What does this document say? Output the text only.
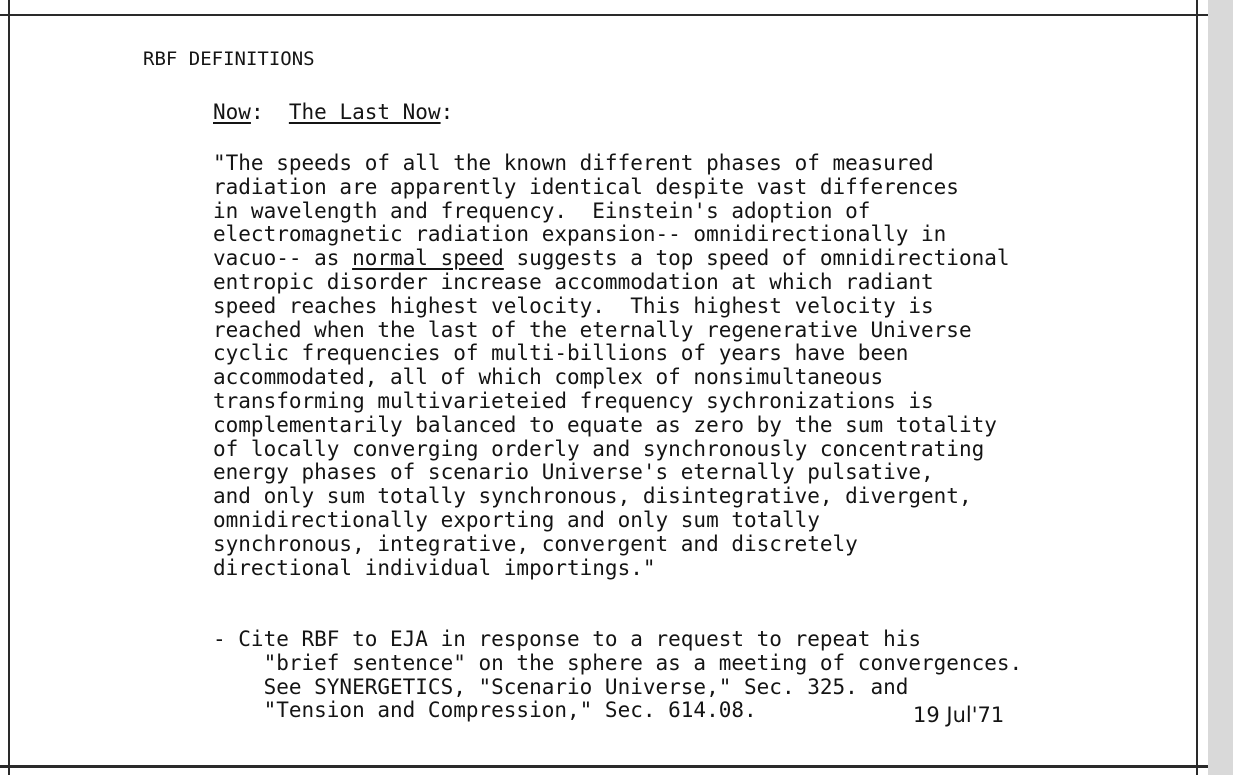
RBF DEFINITIONS
Now:  The Last Now:
"The speeds of all the known different phases of measured
radiation are apparently identical despite vast differences
in wavelength and frequency.  Einstein's adoption of
electromagnetic radiation expansion-- omnidirectionally in
vacuo-- as normal speed suggests a top speed of omnidirectional
entropic disorder increase accommodation at which radiant
speed reaches highest velocity.  This highest velocity is
reached when the last of the eternally regenerative Universe
cyclic frequencies of multi-billions of years have been
accommodated, all of which complex of nonsimultaneous
transforming multivarieteied frequency sychronizations is
complementarily balanced to equate as zero by the sum totality
of locally converging orderly and synchronously concentrating
energy phases of scenario Universe's eternally pulsative,
and only sum totally synchronous, disintegrative, divergent,
omnidirectionally exporting and only sum totally
synchronous, integrative, convergent and discretely
directional individual importings."
- Cite RBF to EJA in response to a request to repeat his
"brief sentence" on the sphere as a meeting of convergences.
See SYNERGETICS, "Scenario Universe," Sec. 325. and
"Tension and Compression," Sec. 614.08.	19 Jul'71
